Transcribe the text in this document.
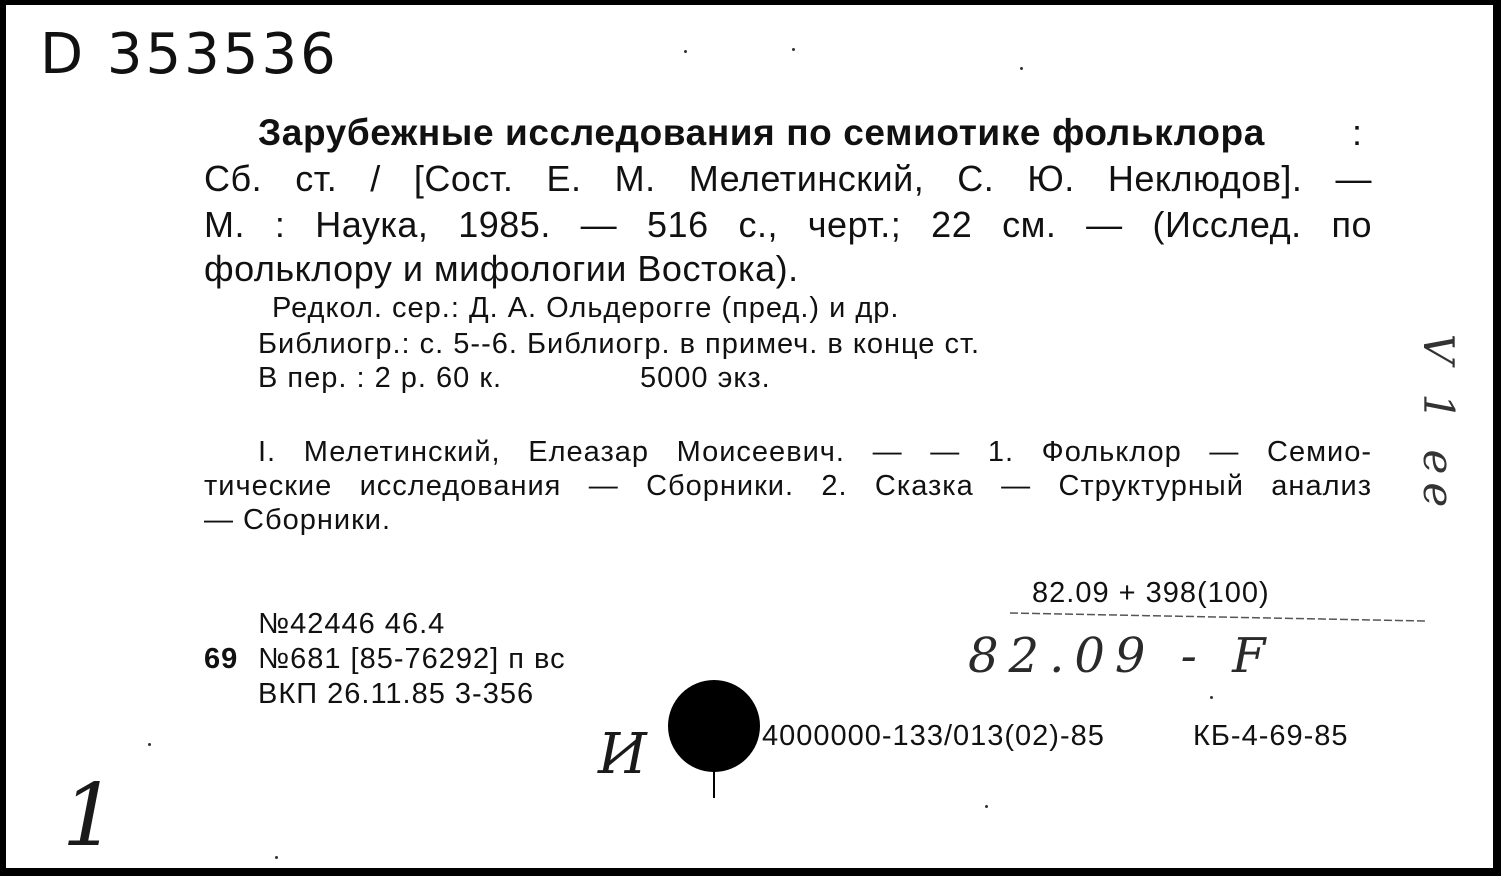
D 353536
Зарубежные исследования по семиотике фольклора :
Сб. ст. / [Сост. Е. М. Мелетинский, С. Ю. Неклюдов]. —
М. : Наука, 1985. — 516 с., черт.; 22 см. — (Исслед. по
фольклору и мифологии Востока).
Редкол. сер.: Д. А. Ольдерогге (пред.) и др.
Библиогр.: с. 5--6. Библиогр. в примеч. в конце ст.
В пер. : 2 р. 60 к.	5000 экз.
I. Мелетинский, Елеазар Моисеевич. — — 1. Фольклор — Семио-
тические исследования — Сборники. 2. Сказка — Структурный анализ
— Сборники.
82.09 + 398(100)
82.09 - F
№42446 46.4
69 №681 [85-76292] п вс
ВКП 26.11.85 3-356
4000000-133/013(02)-85	КБ-4-69-85
И
1
V 1 ee
